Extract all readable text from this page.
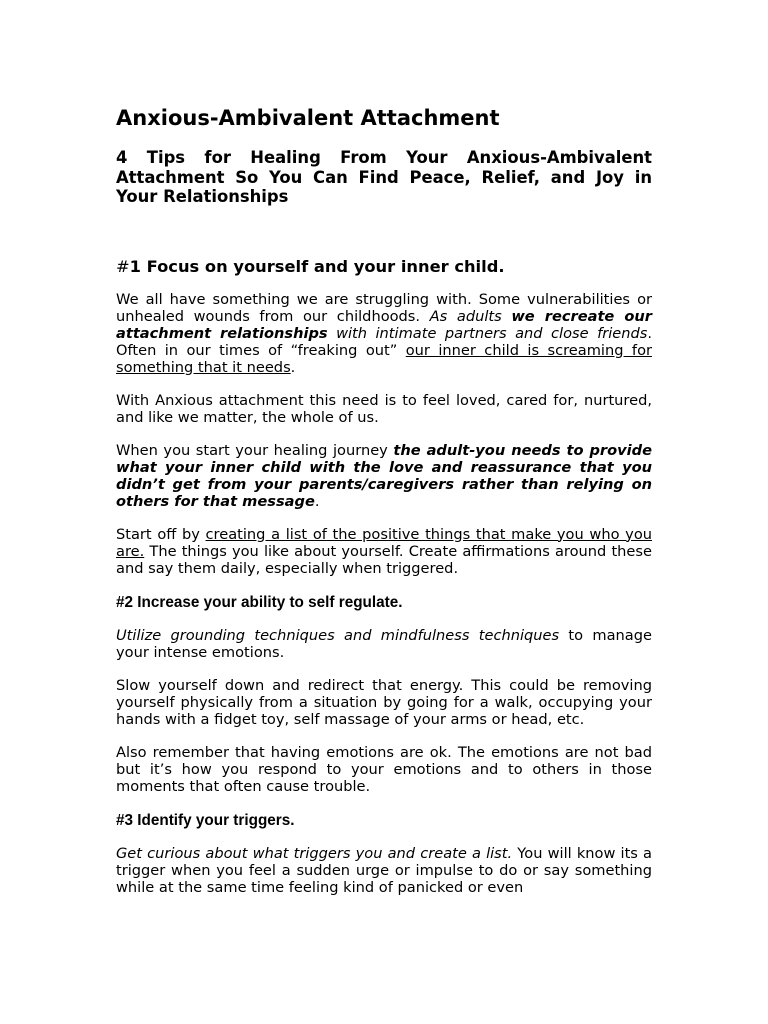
Anxious-Ambivalent Attachment
4 Tips for Healing From Your Anxious-Ambivalent Attachment So You Can Find Peace, Relief, and Joy in Your Relationships
#1 Focus on yourself and your inner child.

We all have something we are struggling with. Some vulnerabilities or unhealed wounds from our childhoods. As adults we recreate our attachment relationships with intimate partners and close friends. Often in our times of “freaking out” our inner child is screaming for something that it needs.

With Anxious attachment this need is to feel loved, cared for, nurtured, and like we matter, the whole of us.

When you start your healing journey the adult-you needs to provide what your inner child with the love and reassurance that you didn’t get from your parents/caregivers rather than relying on others for that message.

Start off by creating a list of the positive things that make you who you are. The things you like about yourself. Create affirmations around these and say them daily, especially when triggered.

#2 Increase your ability to self regulate.

Utilize grounding techniques and mindfulness techniques to manage your intense emotions.

Slow yourself down and redirect that energy. This could be removing yourself physically from a situation by going for a walk, occupying your hands with a fidget toy, self massage of your arms or head, etc.

Also remember that having emotions are ok. The emotions are not bad but it’s how you respond to your emotions and to others in those moments that often cause trouble.

#3 Identify your triggers.

Get curious about what triggers you and create a list. You will know its a trigger when you feel a sudden urge or impulse to do or say something while at the same time feeling kind of panicked or even
